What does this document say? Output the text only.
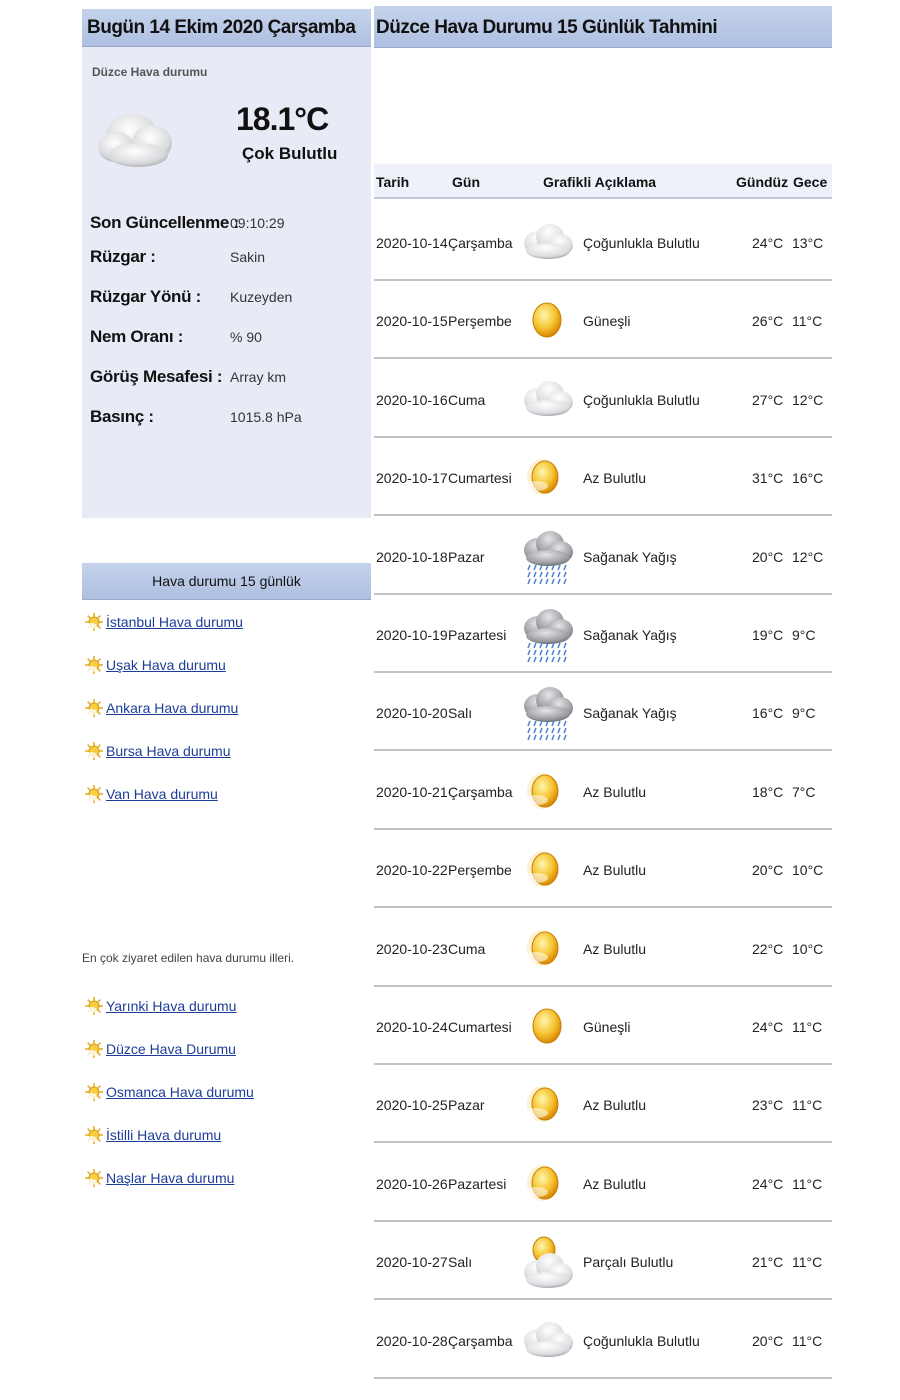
Bugün 14 Ekim 2020 Çarşamba
Düzce Hava durumu
18.1°C
Çok Bulutlu
Son Güncellenme :
09:10:29
Rüzgar :	Sakin
Rüzgar Yönü : Kuzeyden
Nem Oranı :	% 90
Görüş Mesafesi : Array km
Basınç :	1015.8 hPa
Hava durumu 15 günlük
İstanbul Hava durumu
Uşak Hava durumu
Ankara Hava durumu
Bursa Hava durumu
Van Hava durumu
En çok ziyaret edilen hava durumu illeri.
Yarınki Hava durumu
Düzce Hava Durumu
Osmanca Hava durumu
İstilli Hava durumu
Naşlar Hava durumu
Düzce Hava Durumu 15 Günlük Tahmini
Tarih	Gün	Grafikli Açıklama	Gündüz Gece
2020-10-14 Çarşamba	Çoğunlukla Bulutlu	24°C 13°C
2020-10-15 Perşembe	Güneşli	26°C 11°C
2020-10-16 Cuma	Çoğunlukla Bulutlu	27°C 12°C
2020-10-17 Cumartesi	Az Bulutlu	31°C 16°C
2020-10-18 Pazar	Sağanak Yağış	20°C 12°C
2020-10-19 Pazartesi	Sağanak Yağış	19°C 9°C
2020-10-20 Salı	Sağanak Yağış	16°C 9°C
2020-10-21 Çarşamba	Az Bulutlu	18°C 7°C
2020-10-22 Perşembe	Az Bulutlu	20°C 10°C
2020-10-23 Cuma	Az Bulutlu	22°C 10°C
2020-10-24 Cumartesi	Güneşli	24°C 11°C
2020-10-25 Pazar	Az Bulutlu	23°C 11°C
2020-10-26 Pazartesi	Az Bulutlu	24°C 11°C
2020-10-27 Salı	Parçalı Bulutlu	21°C 11°C
2020-10-28 Çarşamba	Çoğunlukla Bulutlu	20°C 11°C
